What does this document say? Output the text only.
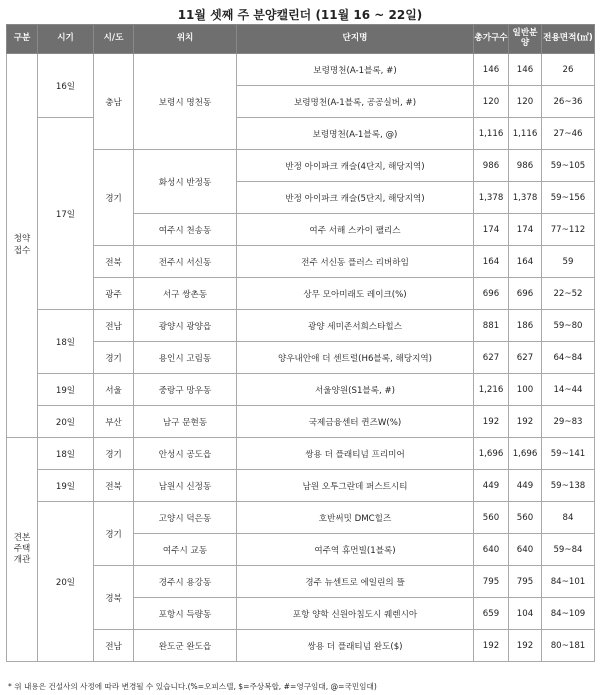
11월 셋째 주 분양캘린더 (11월 16 ~ 22일)
구분	시기	시/도	위치	단지명	총가구수	일반분양	전용면적(㎡)
청약접수	16일	충남	보령시 명천동	보령명천(A-1블록, #)	146	146	26
				보령명천(A-1블록, 공공실버, #)	120	120	26~36
	17일			보령명천(A-1블록, @)	1,116	1,116	27~46
		경기	화성시 반정동	반정 아이파크 캐슬(4단지, 해당지역)	986	986	59~105
				반정 아이파크 캐슬(5단지, 해당지역)	1,378	1,378	59~156
			여주시 천송동	여주 서해 스카이 팰리스	174	174	77~112
		전북	전주시 서신동	전주 서신동 플러스 리버하임	164	164	59
		광주	서구 쌍촌동	상무 모아미래도 레이크(%)	696	696	22~52
	18일	전남	광양시 광양읍	광양 세미존서희스타힐스	881	186	59~80
		경기	용인시 고림동	양우내안애 더 센트럴(H6블록, 해당지역)	627	627	64~84
	19일	서울	중랑구 망우동	서울양원(S1블록, #)	1,216	100	14~44
	20일	부산	남구 문현동	국제금융센터 퀸즈W(%)	192	192	29~83
견본주택개관	18일	경기	안성시 공도읍	쌍용 더 플래티넘 프리미어	1,696	1,696	59~141
	19일	전북	남원시 신정동	남원 오투그란데 퍼스트시티	449	449	59~138
	20일	경기	고양시 덕은동	호반써밋 DMC힐즈	560	560	84
			여주시 교동	여주역 휴먼빌(1블록)	640	640	59~84
		경북	경주시 용강동	경주 뉴센트로 에일린의 뜰	795	795	84~101
			포항시 득량동	포항 양학 신원아침도시 퀘렌시아	659	104	84~109
		전남	완도군 완도읍	쌍용 더 플래티넘 완도($)	192	192	80~181
* 위 내용은 건설사의 사정에 따라 변경될 수 있습니다.(%=오피스텔, $=주상복합, #=영구임대, @=국민임대)
